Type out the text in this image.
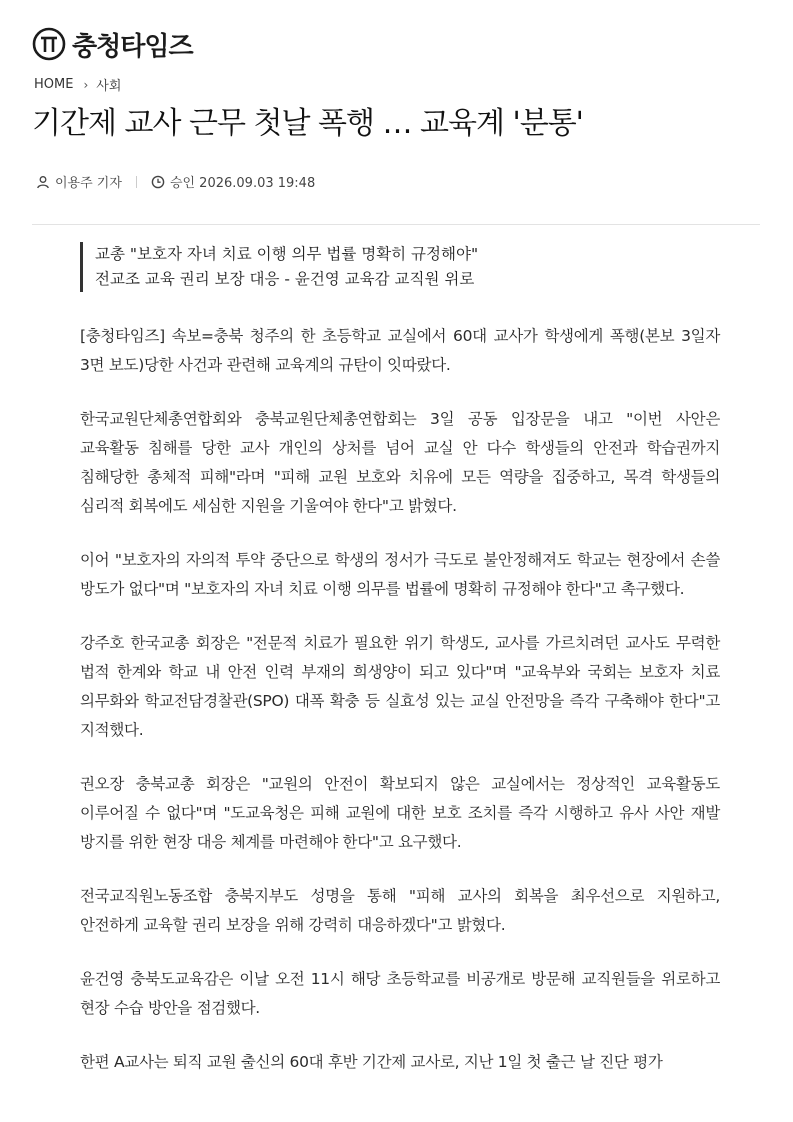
충청타임즈
HOME › 사회
기간제 교사 근무 첫날 폭행 … 교육계 '분통'
이용주 기자	승인 2026.09.03 19:48
교총 "보호자 자녀 치료 이행 의무 법률 명확히 규정해야"
전교조 교육 권리 보장 대응 - 윤건영 교육감 교직원 위로

[충청타임즈] 속보=충북 청주의 한 초등학교 교실에서 60대 교사가 학생에게 폭행(본보 3일자 3면 보도)당한 사건과 관련해 교육계의 규탄이 잇따랐다.

한국교원단체총연합회와 충북교원단체총연합회는 3일 공동 입장문을 내고 "이번 사안은 교육활동 침해를 당한 교사 개인의 상처를 넘어 교실 안 다수 학생들의 안전과 학습권까지 침해당한 총체적 피해"라며 "피해 교원 보호와 치유에 모든 역량을 집중하고, 목격 학생들의 심리적 회복에도 세심한 지원을 기울여야 한다"고 밝혔다.

이어 "보호자의 자의적 투약 중단으로 학생의 정서가 극도로 불안정해져도 학교는 현장에서 손쓸 방도가 없다"며 "보호자의 자녀 치료 이행 의무를 법률에 명확히 규정해야 한다"고 촉구했다.

강주호 한국교총 회장은 "전문적 치료가 필요한 위기 학생도, 교사를 가르치려던 교사도 무력한 법적 한계와 학교 내 안전 인력 부재의 희생양이 되고 있다"며 "교육부와 국회는 보호자 치료 의무화와 학교전담경찰관(SPO) 대폭 확충 등 실효성 있는 교실 안전망을 즉각 구축해야 한다"고 지적했다.

권오장 충북교총 회장은 "교원의 안전이 확보되지 않은 교실에서는 정상적인 교육활동도 이루어질 수 없다"며 "도교육청은 피해 교원에 대한 보호 조치를 즉각 시행하고 유사 사안 재발 방지를 위한 현장 대응 체계를 마련해야 한다"고 요구했다.

전국교직원노동조합 충북지부도 성명을 통해 "피해 교사의 회복을 최우선으로 지원하고, 안전하게 교육할 권리 보장을 위해 강력히 대응하겠다"고 밝혔다.

윤건영 충북도교육감은 이날 오전 11시 해당 초등학교를 비공개로 방문해 교직원들을 위로하고 현장 수습 방안을 점검했다.

한편 A교사는 퇴직 교원 출신의 60대 후반 기간제 교사로, 지난 1일 첫 출근 날 진단 평가
